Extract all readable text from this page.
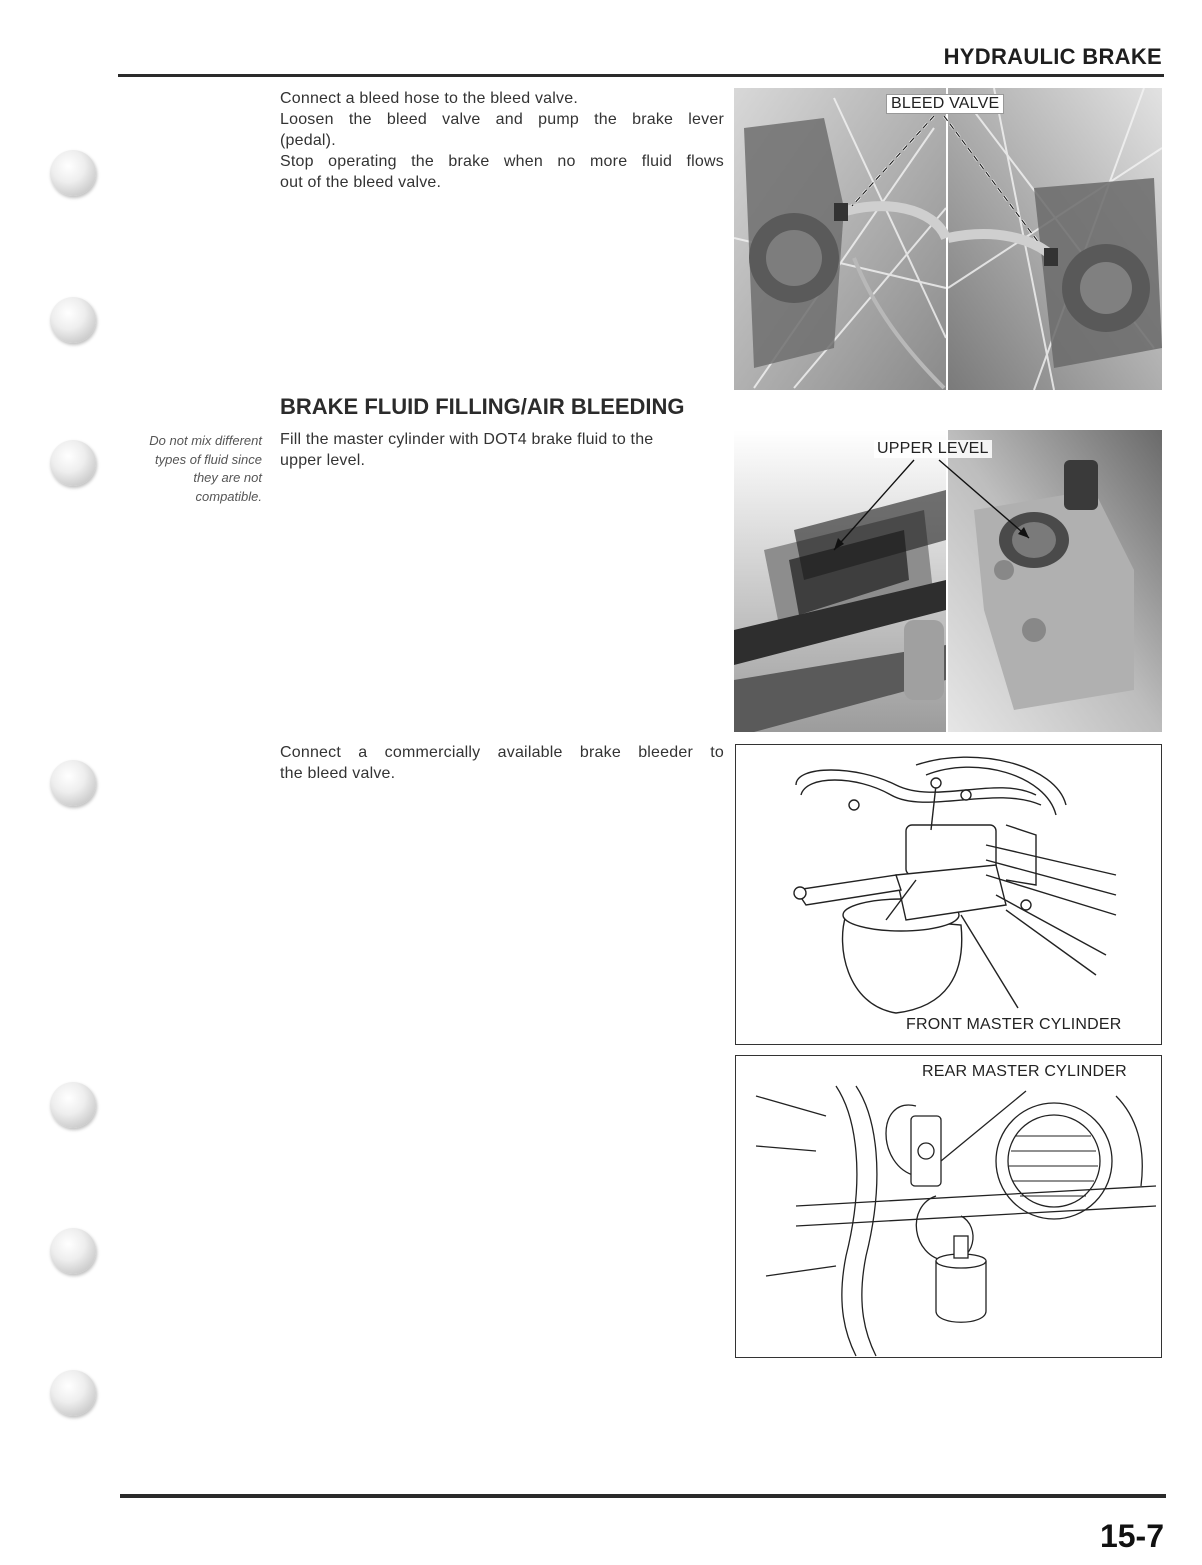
HYDRAULIC BRAKE
Connect a bleed hose to the bleed valve.
Loosen the bleed valve and pump the brake lever
(pedal).
Stop operating the brake when no more fluid flows
out of the bleed valve.
BLEED VALVE
BRAKE FLUID FILLING/AIR BLEEDING
Do not mix different
types of fluid since
they are not
compatible.
Fill the master cylinder with DOT4 brake fluid to the
upper level.
UPPER LEVEL
Connect a commercially available brake bleeder to
the bleed valve.
FRONT MASTER CYLINDER
REAR MASTER CYLINDER
15-7
